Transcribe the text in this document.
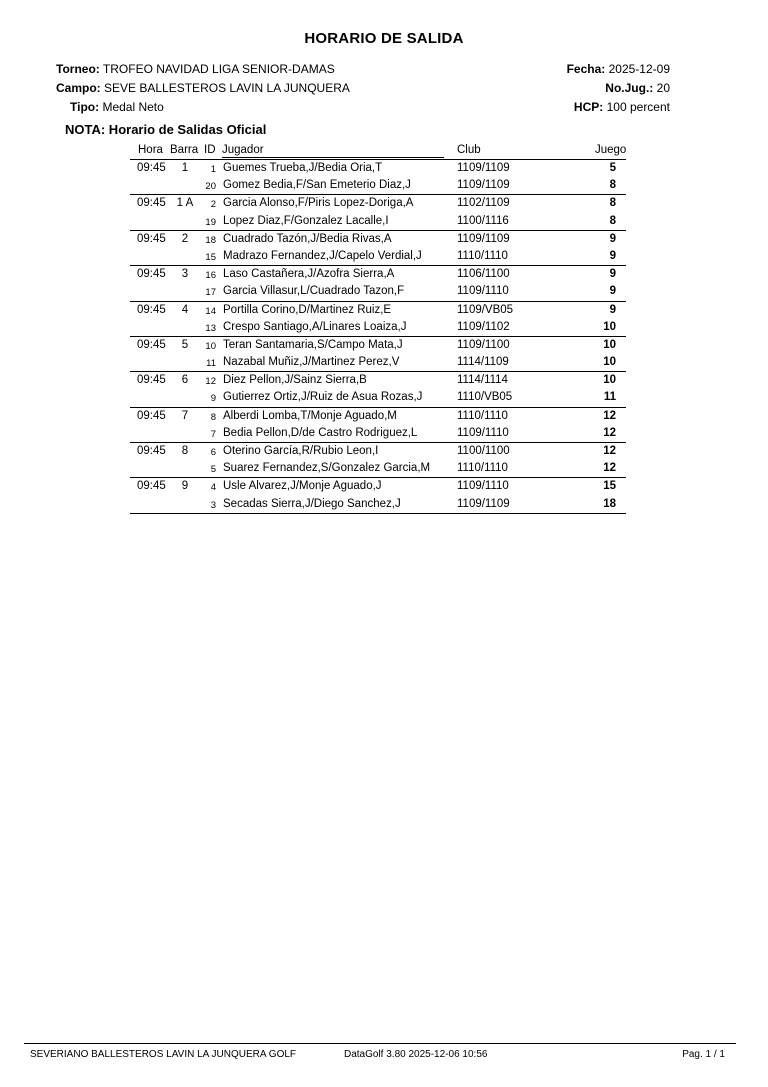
HORARIO DE SALIDA
Torneo: TROFEO NAVIDAD LIGA SENIOR-DAMAS
Campo: SEVE BALLESTEROS LAVIN LA JUNQUERA
Tipo: Medal Neto
Fecha: 2025-12-09
No.Jug.: 20
HCP: 100 percent
NOTA: Horario de Salidas Oficial
Hora Barra ID Jugador	Club	Juego
09:45	1	1 Guemes Trueba,J/Bedia Oria,T	1109/1109	5
20 Gomez Bedia,F/San Emeterio Diaz,J	1109/1109	8
09:45 1 A	2 Garcia Alonso,F/Piris Lopez-Doriga,A	1102/1109	8
19 Lopez Diaz,F/Gonzalez Lacalle,I	1100/1116	8
09:45	2	18 Cuadrado Tazón,J/Bedia Rivas,A	1109/1109	9
15 Madrazo Fernandez,J/Capelo Verdial,J	1110/1110	9
09:45	3	16 Laso Castañera,J/Azofra Sierra,A	1106/1100	9
17 Garcia Villasur,L/Cuadrado Tazon,F	1109/1110	9
09:45	4	14 Portilla Corino,D/Martinez Ruiz,E	1109/VB05	9
13 Crespo Santiago,A/Linares Loaiza,J	1109/1102	10
09:45	5	10 Teran Santamaria,S/Campo Mata,J	1109/1100	10
11 Nazabal Muñiz,J/Martinez Perez,V	1114/1109	10
09:45	6	12 Diez Pellon,J/Sainz Sierra,B	1114/1114	10
9 Gutierrez Ortiz,J/Ruiz de Asua Rozas,J	1110/VB05	11
09:45	7	8 Alberdi Lomba,T/Monje Aguado,M	1110/1110	12
7 Bedia Pellon,D/de Castro Rodriguez,L	1109/1110	12
09:45	8	6 Oterino García,R/Rubio Leon,I	1100/1100	12
5 Suarez Fernandez,S/Gonzalez Garcia,M 1110/1110	12
09:45	9	4 Usle Alvarez,J/Monje Aguado,J	1109/1110	15
3 Secadas Sierra,J/Diego Sanchez,J	1109/1109	18
SEVERIANO BALLESTEROS LAVIN LA JUNQUERA GOLF	DataGolf 3.80 2025-12-06 10:56	Pag. 1 / 1
